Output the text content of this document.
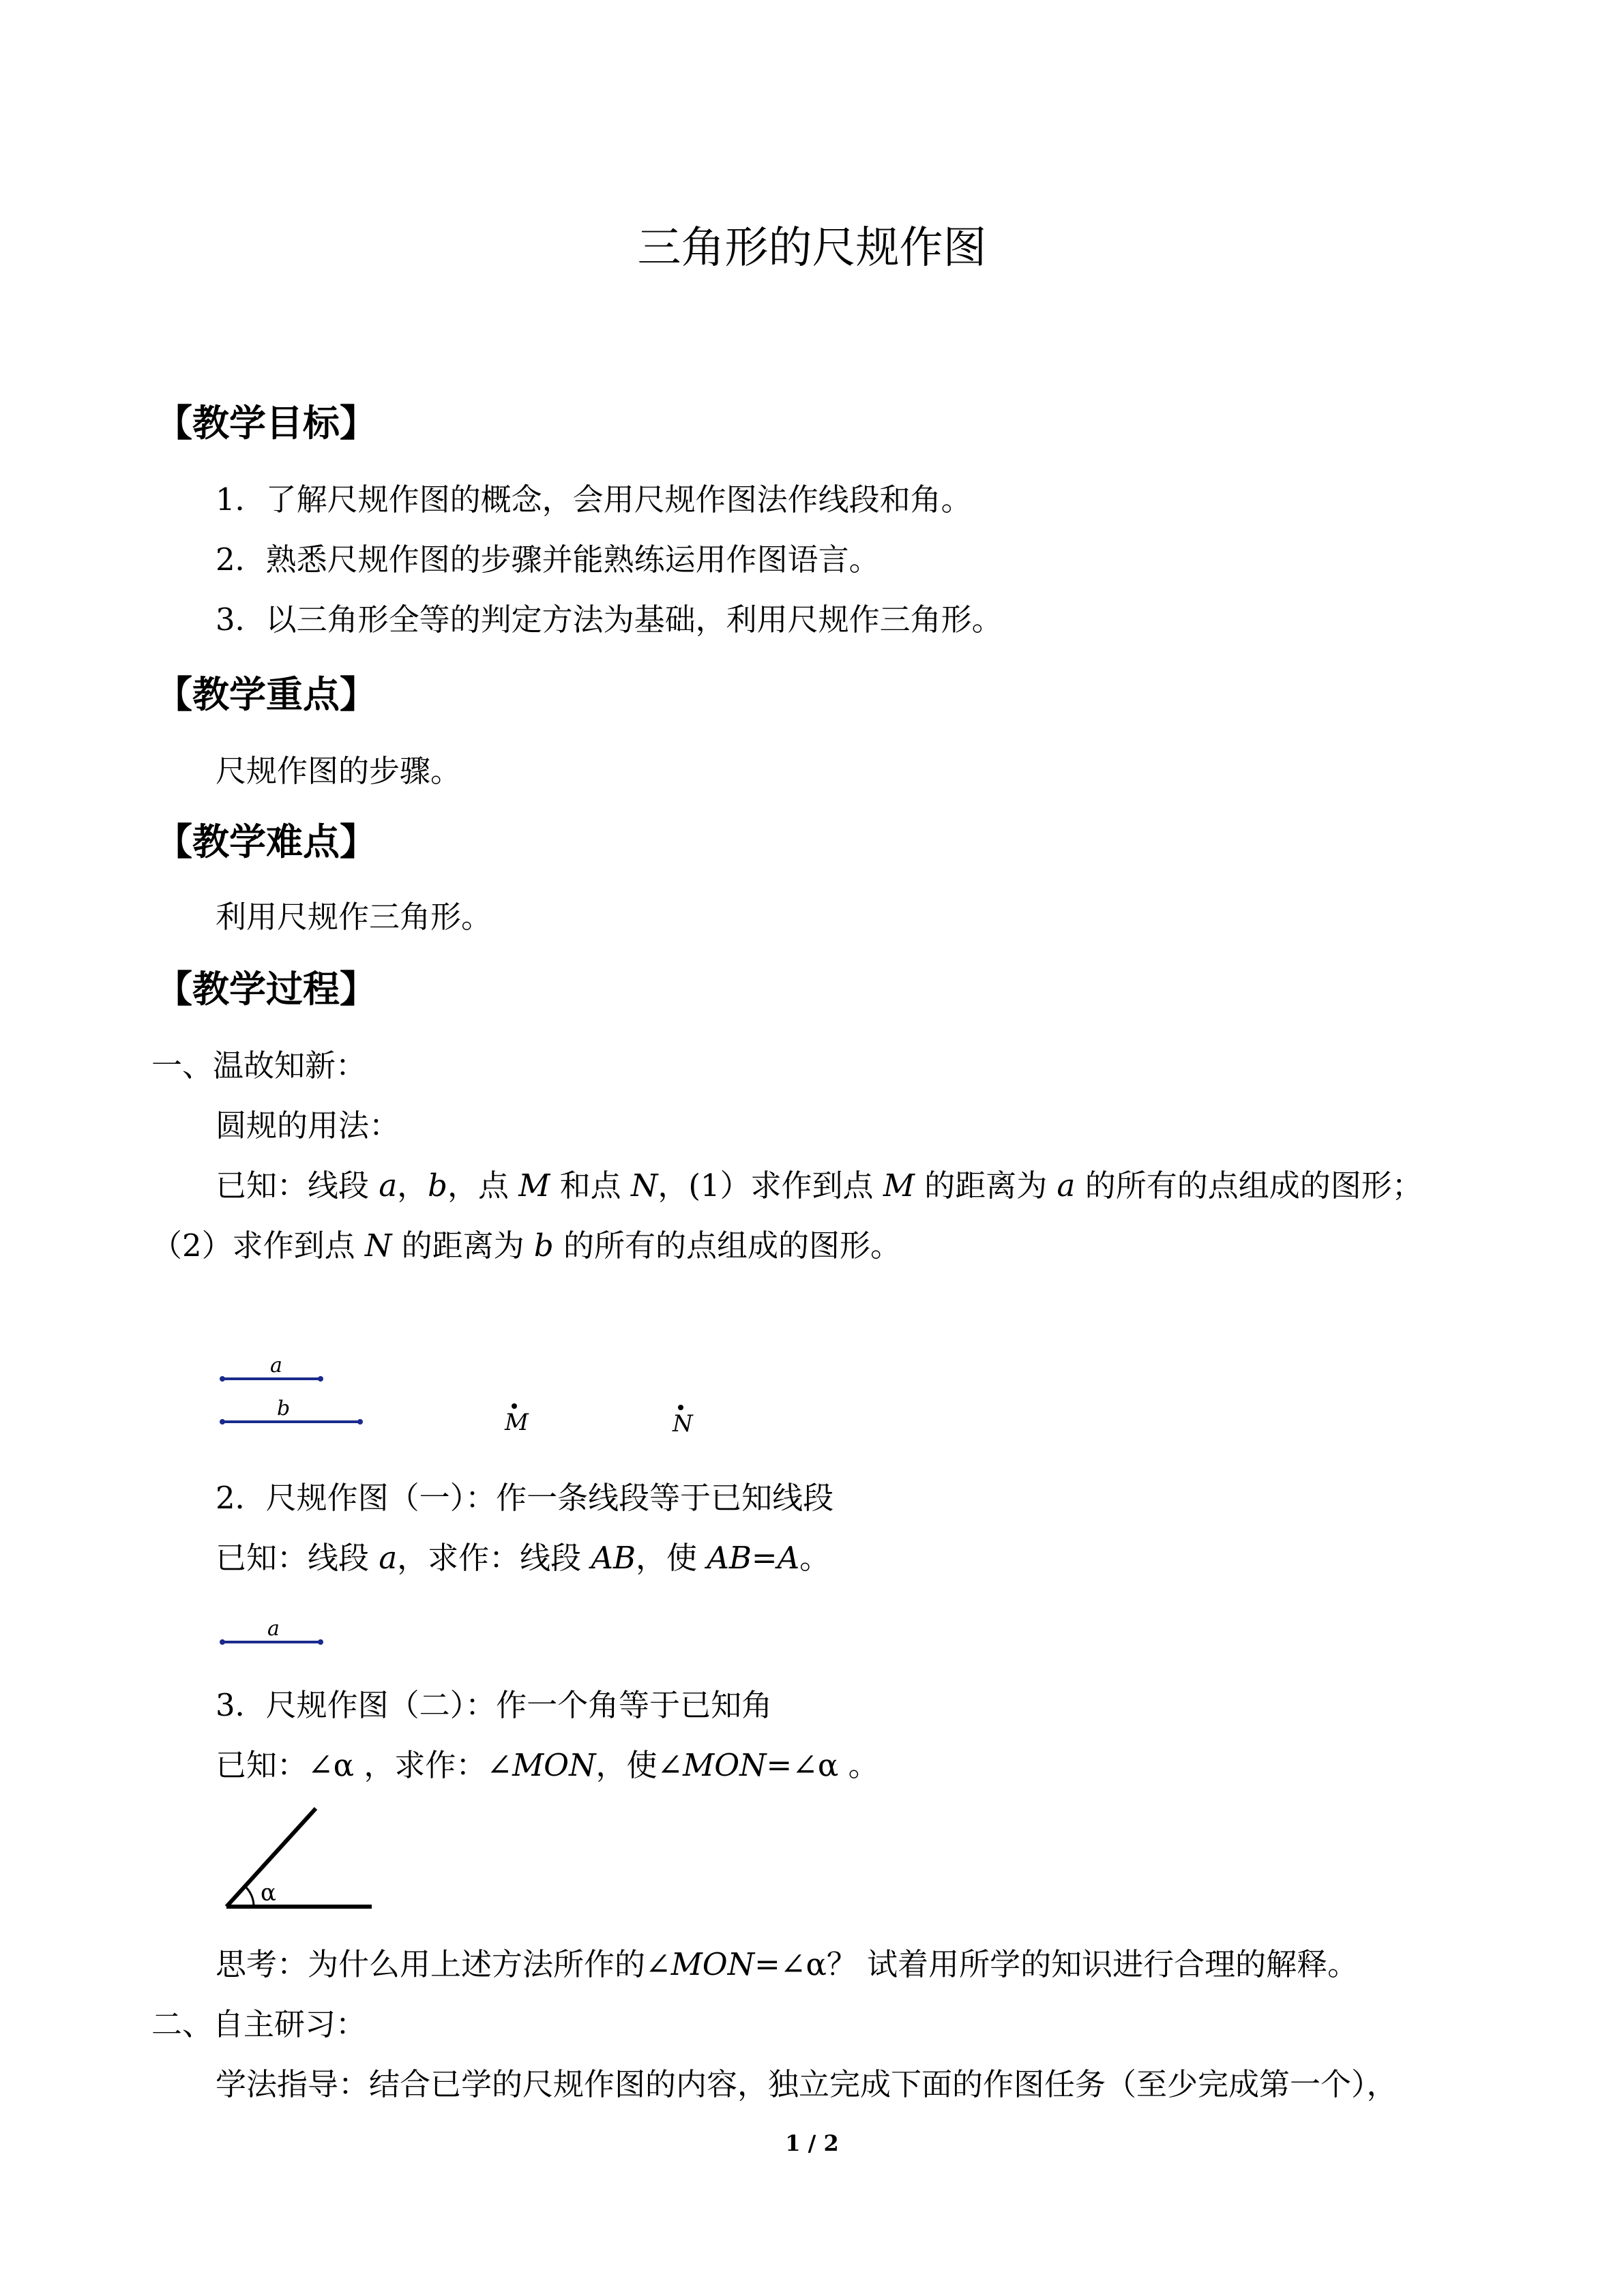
三角形的尺规作图
【教学目标】
1．了解尺规作图的概念，会用尺规作图法作线段和角。
2．熟悉尺规作图的步骤并能熟练运用作图语言。
3．以三角形全等的判定方法为基础，利用尺规作三角形。
【教学重点】
尺规作图的步骤。
【教学难点】
利用尺规作三角形。
【教学过程】
一、温故知新：
圆规的用法：
已知：线段 a，b，点 M 和点 N，(1）求作到点 M 的距离为 a 的所有的点组成的图形；
（2）求作到点 N 的距离为 b 的所有的点组成的图形。
a
b
M	N
2．尺规作图（一）：作一条线段等于已知线段
已知：线段 a，求作：线段 AB，使 AB=A。
a
3．尺规作图（二）：作一个角等于已知角
已知：∠α ，求作：∠MON，使∠MON=∠α 。
α
思考：为什么用上述方法所作的∠MON=∠α？ 试着用所学的知识进行合理的解释。
二、自主研习：
学法指导：结合已学的尺规作图的内容，独立完成下面的作图任务（至少完成第一个），
1 / 2
